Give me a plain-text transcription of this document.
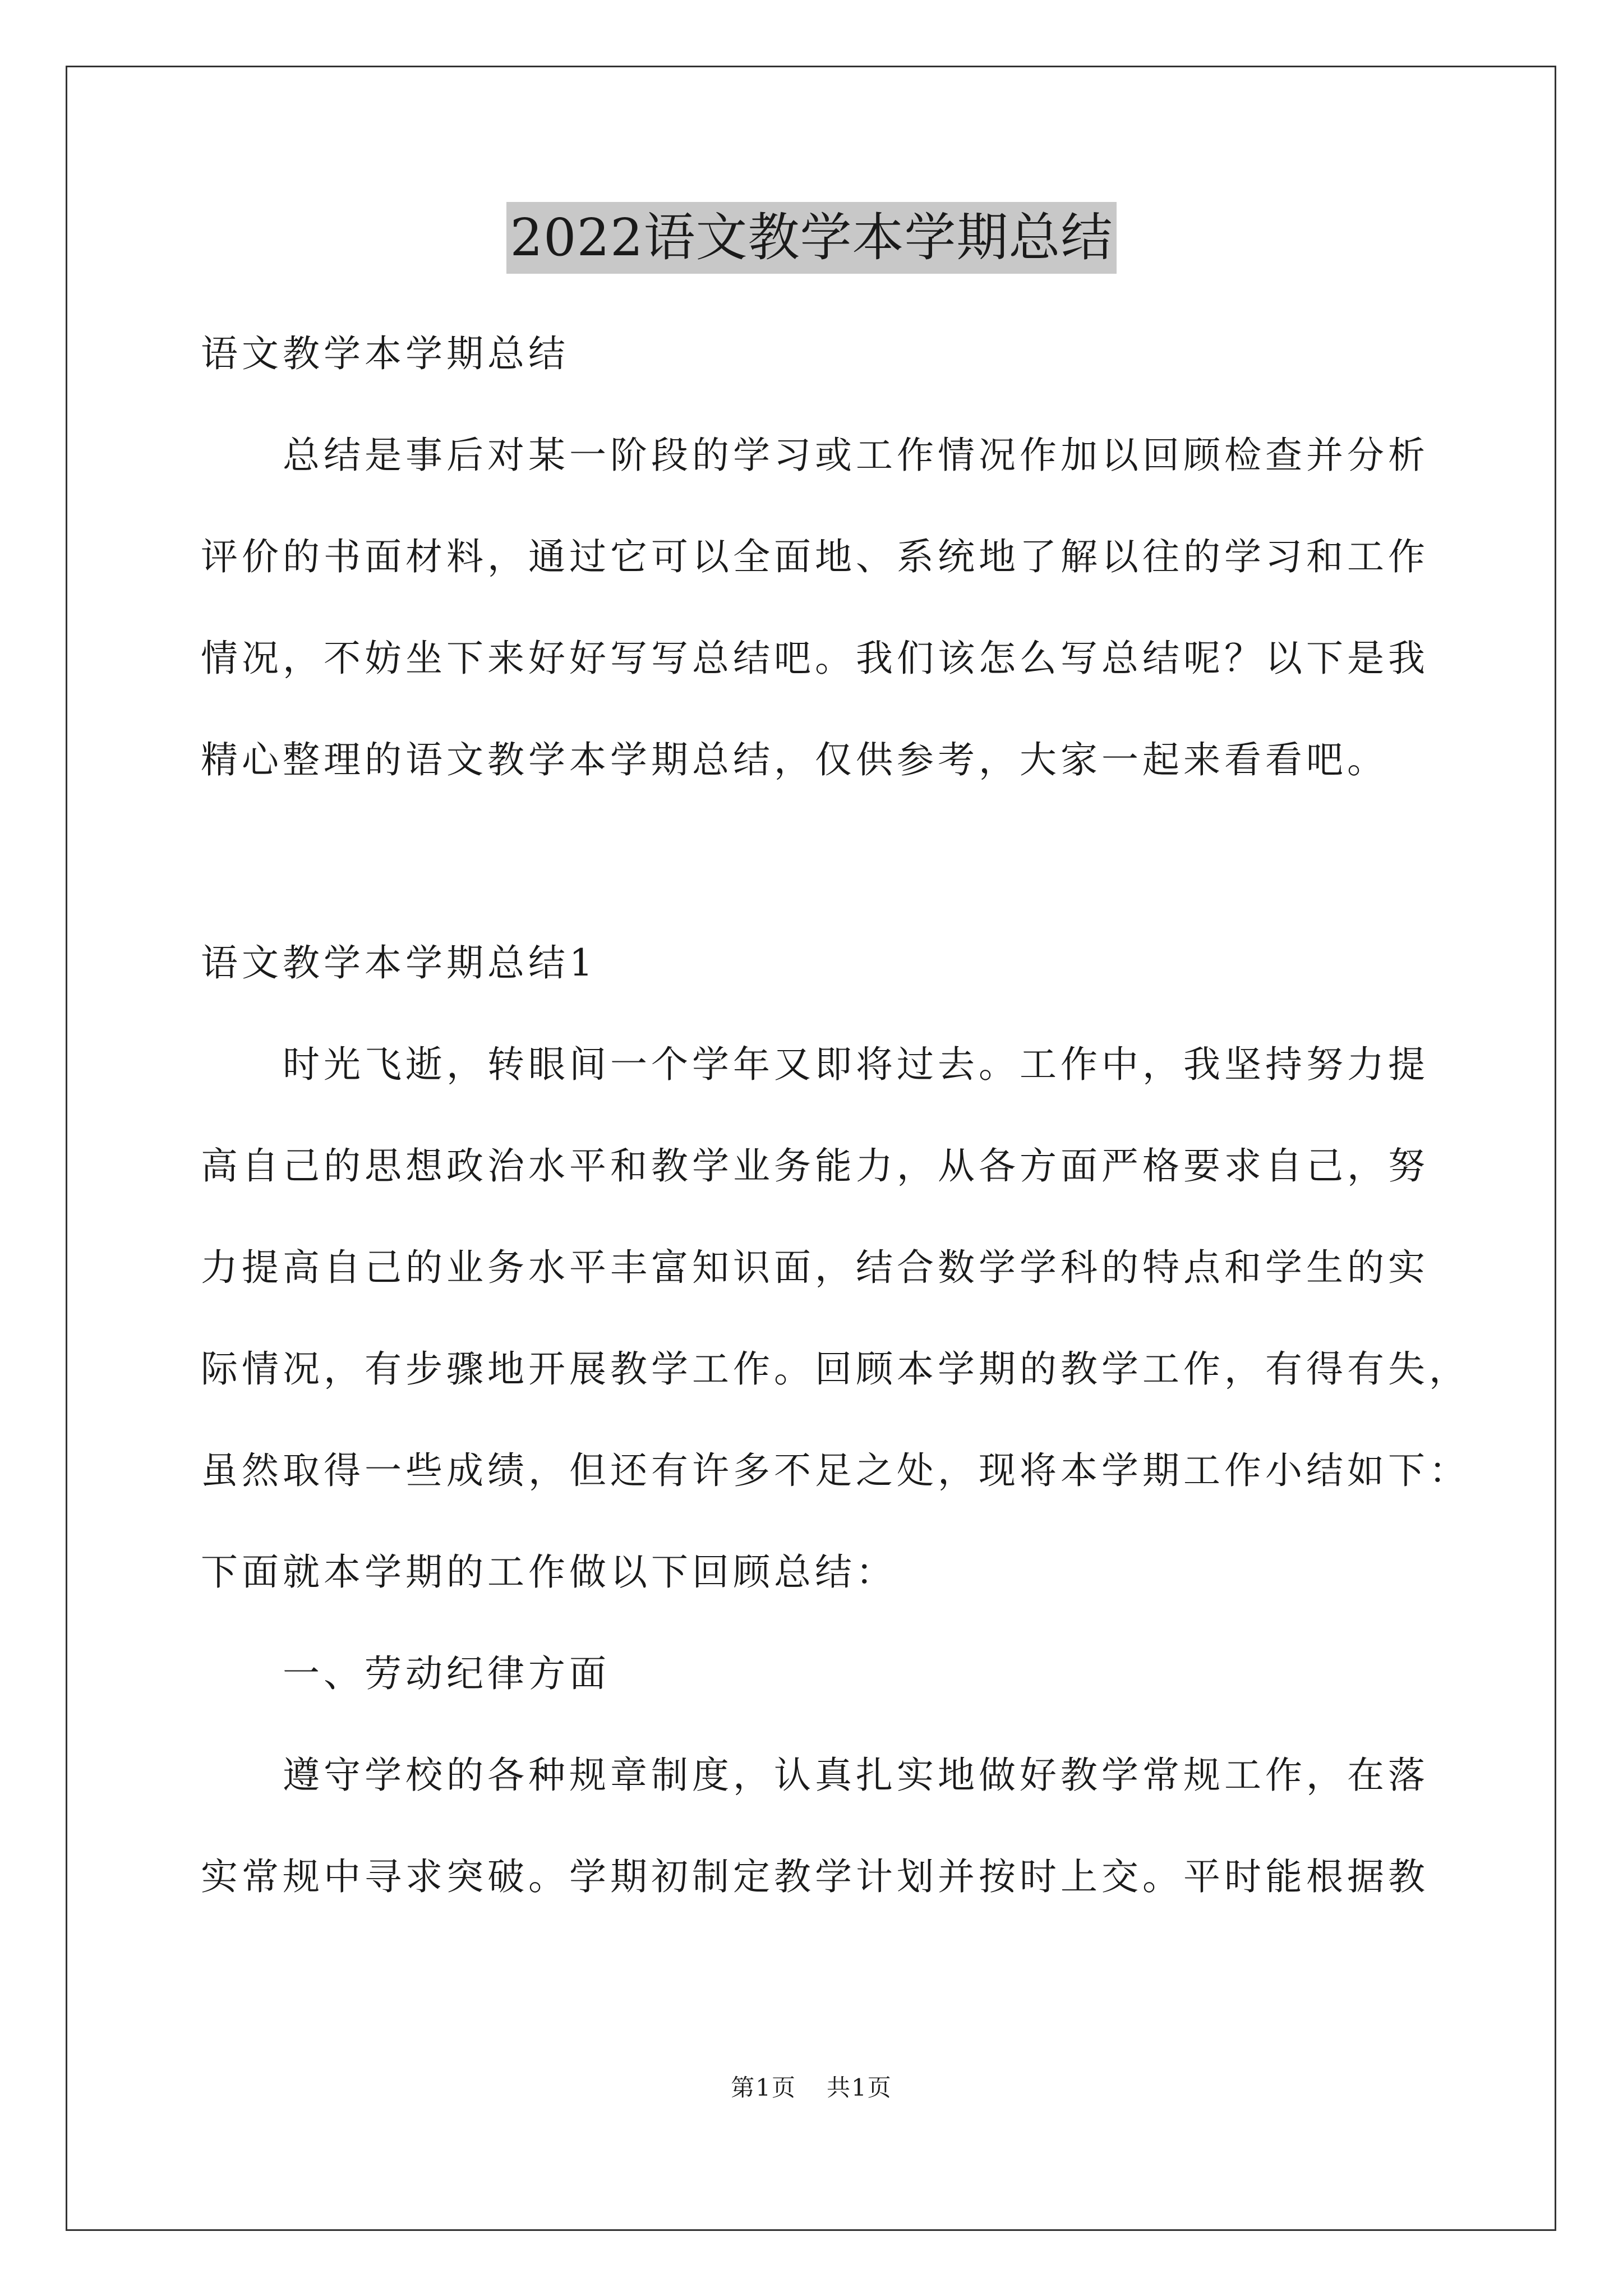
2022语文教学本学期总结
语文教学本学期总结
总结是事后对某一阶段的学习或工作情况作加以回顾检查并分析
评价的书面材料，通过它可以全面地、系统地了解以往的学习和工作
情况，不妨坐下来好好写写总结吧。我们该怎么写总结呢？以下是我
精心整理的语文教学本学期总结，仅供参考，大家一起来看看吧。
语文教学本学期总结1
时光飞逝，转眼间一个学年又即将过去。工作中，我坚持努力提
高自己的思想政治水平和教学业务能力，从各方面严格要求自己，努
力提高自己的业务水平丰富知识面，结合数学学科的特点和学生的实
际情况，有步骤地开展教学工作。回顾本学期的教学工作，有得有失，
虽然取得一些成绩，但还有许多不足之处，现将本学期工作小结如下：
下面就本学期的工作做以下回顾总结：
一、劳动纪律方面
遵守学校的各种规章制度，认真扎实地做好教学常规工作，在落
实常规中寻求突破。学期初制定教学计划并按时上交。平时能根据教
第1页 共1页
